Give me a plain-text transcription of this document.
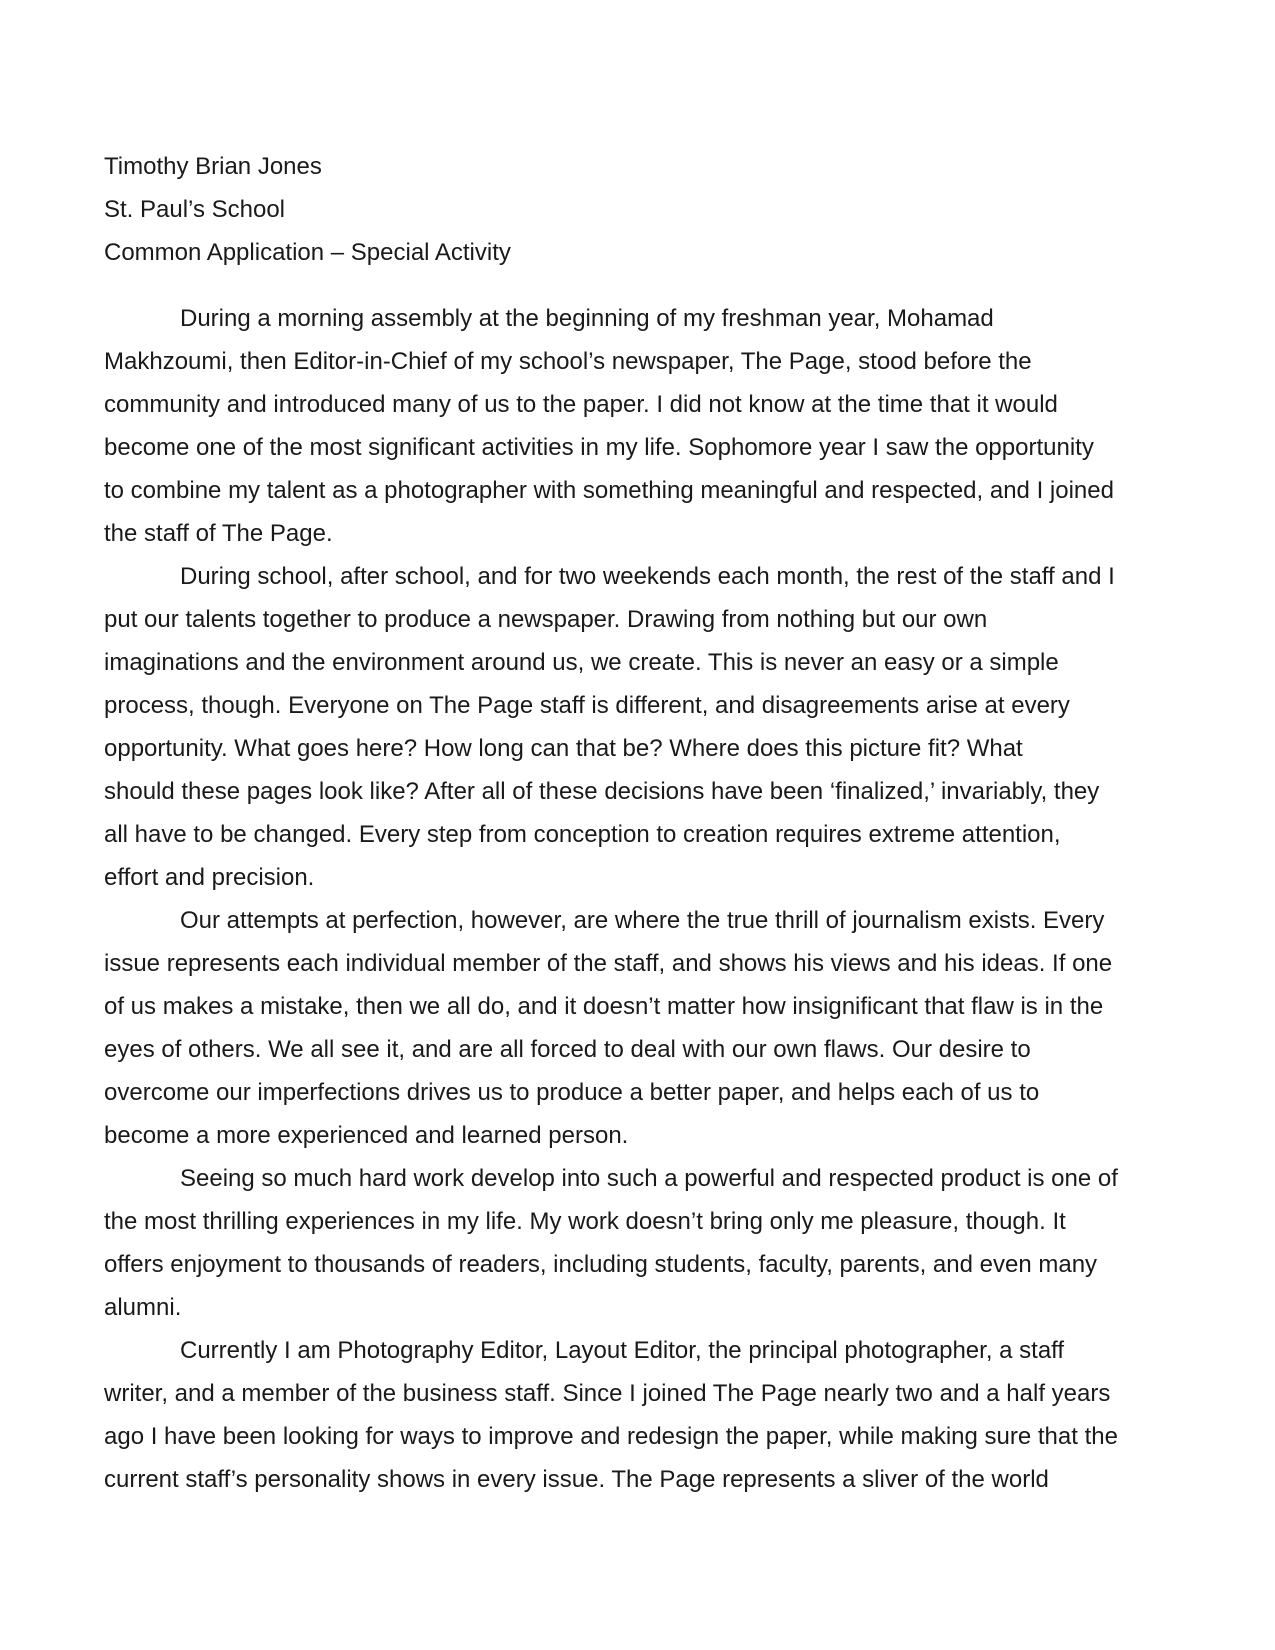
Timothy Brian Jones

St. Paul’s School

Common Application – Special Activity

During a morning assembly at the beginning of my freshman year, Mohamad
Makhzoumi, then Editor-in-Chief of my school’s newspaper, The Page, stood before the
community and introduced many of us to the paper. I did not know at the time that it would
become one of the most significant activities in my life. Sophomore year I saw the opportunity
to combine my talent as a photographer with something meaningful and respected, and I joined
the staff of The Page.

During school, after school, and for two weekends each month, the rest of the staff and I
put our talents together to produce a newspaper. Drawing from nothing but our own
imaginations and the environment around us, we create. This is never an easy or a simple
process, though. Everyone on The Page staff is different, and disagreements arise at every
opportunity. What goes here? How long can that be? Where does this picture fit? What
should these pages look like? After all of these decisions have been ‘finalized,’ invariably, they
all have to be changed. Every step from conception to creation requires extreme attention,
effort and precision.

Our attempts at perfection, however, are where the true thrill of journalism exists. Every
issue represents each individual member of the staff, and shows his views and his ideas. If one
of us makes a mistake, then we all do, and it doesn’t matter how insignificant that flaw is in the
eyes of others. We all see it, and are all forced to deal with our own flaws. Our desire to
overcome our imperfections drives us to produce a better paper, and helps each of us to
become a more experienced and learned person.

Seeing so much hard work develop into such a powerful and respected product is one of
the most thrilling experiences in my life. My work doesn’t bring only me pleasure, though. It
offers enjoyment to thousands of readers, including students, faculty, parents, and even many
alumni.

Currently I am Photography Editor, Layout Editor, the principal photographer, a staff
writer, and a member of the business staff. Since I joined The Page nearly two and a half years
ago I have been looking for ways to improve and redesign the paper, while making sure that the
current staff’s personality shows in every issue. The Page represents a sliver of the world
